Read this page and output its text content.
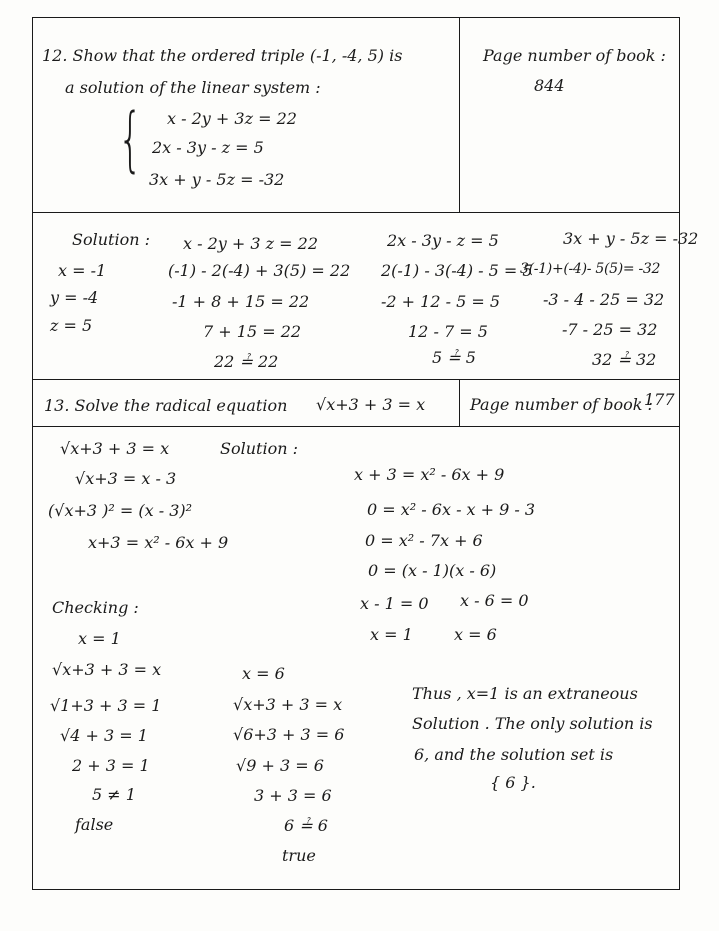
12. Show that the ordered triple (-1, -4, 5) is
a solution of the linear system :
{ x - 2y + 3z = 22
2x - 3y - z = 5
3x + y - 5z = -32
Page number of book :
844
Solution :
x = -1
y = -4
z = 5
x - 2y + 3 z = 22
(-1) - 2(-4) + 3(5) = 22
-1 + 8 + 15 = 22
7 + 15 = 22
22 ≟ 22
2x - 3y - z = 5
2(-1) - 3(-4) - 5 = 5
-2 + 12 - 5 = 5
12 - 7 = 5
5 ≟ 5
3x + y - 5z = -32
3(-1)+(-4)- 5(5)= -32
-3 - 4 - 25 = 32
-7 - 25 = 32
32 ≟ 32
13. Solve the radical equation √x+3 + 3 = x	Page number of book :
177
√x+3 + 3 = x
√x+3 = x - 3
(√x+3 )² = (x - 3)²
x+3 = x² - 6x + 9
Solution :
x + 3 = x² - 6x + 9
0 = x² - 6x - x + 9 - 3
0 = x² - 7x + 6
0 = (x - 1)(x - 6)
x - 1 = 0 x - 6 = 0
x = 1	x = 6
Checking :
x = 1
√x+3 + 3 = x
√1+3 + 3 = 1
√4 + 3 = 1
2 + 3 = 1
5 ≠ 1
false
x = 6
√x+3 + 3 = x
√6+3 + 3 = 6
√9 + 3 = 6
3 + 3 = 6
6 ≟ 6
true
Thus , x=1 is an extraneous
Solution . The only solution is
6, and the solution set is
{ 6 }.
